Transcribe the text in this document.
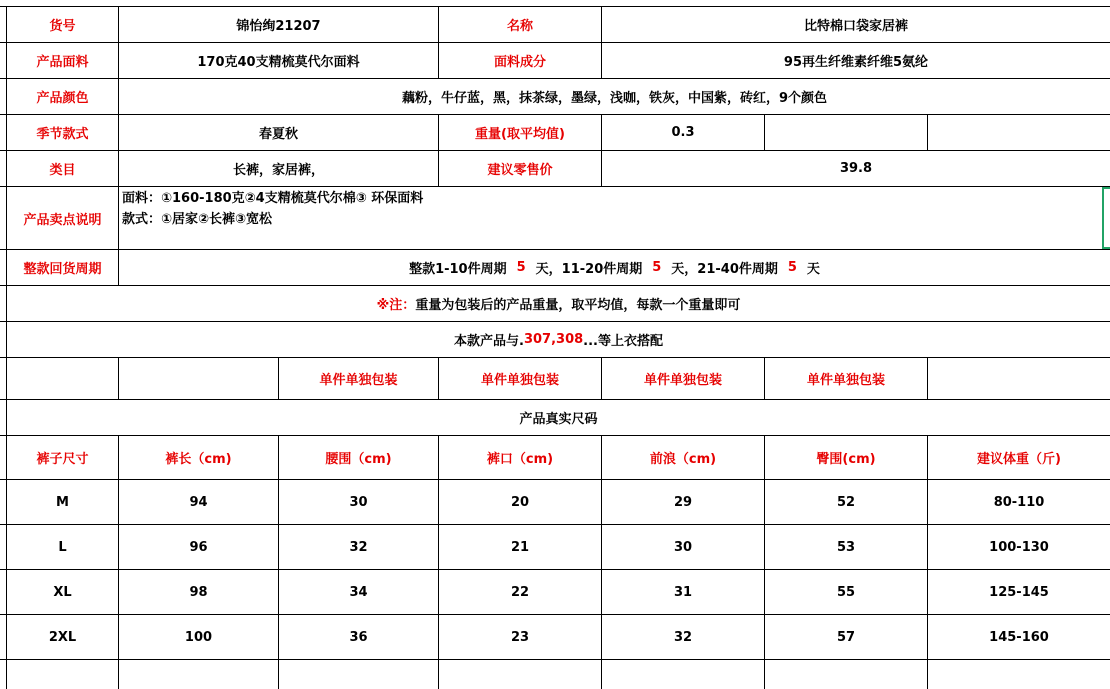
货号	锦怡绚21207	名称	比特棉口袋家居裤
产品面料	170克40支精梳莫代尔面料	面料成分	95再生纤维素纤维5氨纶
产品颜色	藕粉，牛仔蓝，黑，抹茶绿，墨绿，浅咖，铁灰，中国紫，砖红，9个颜色
季节款式	春夏秋	重量(取平均值)	0.3
类目	长裤，家居裤，	建议零售价	39.8
产品卖点说明
面料：①160-180克②4支精梳莫代尔棉③ 环保面料
款式：①居家②长裤③宽松
整款回货周期	整款1-10件周期 5 天，11-20件周期 5 天，21-40件周期 5 天
※注： 重量为包装后的产品重量，取平均值，每款一个重量即可
本款产品与. 307,308 ...等上衣搭配
单件单独包装	单件单独包装	单件单独包装	单件单独包装
产品真实尺码
裤子尺寸	裤长（cm)	腰围（cm)	裤口（cm)	前浪（cm)	臀围(cm)	建议体重（斤)
M	94	30	20	29	52	80-110
L	96	32	21	30	53	100-130
XL	98	34	22	31	55	125-145
2XL	100	36	23	32	57	145-160
